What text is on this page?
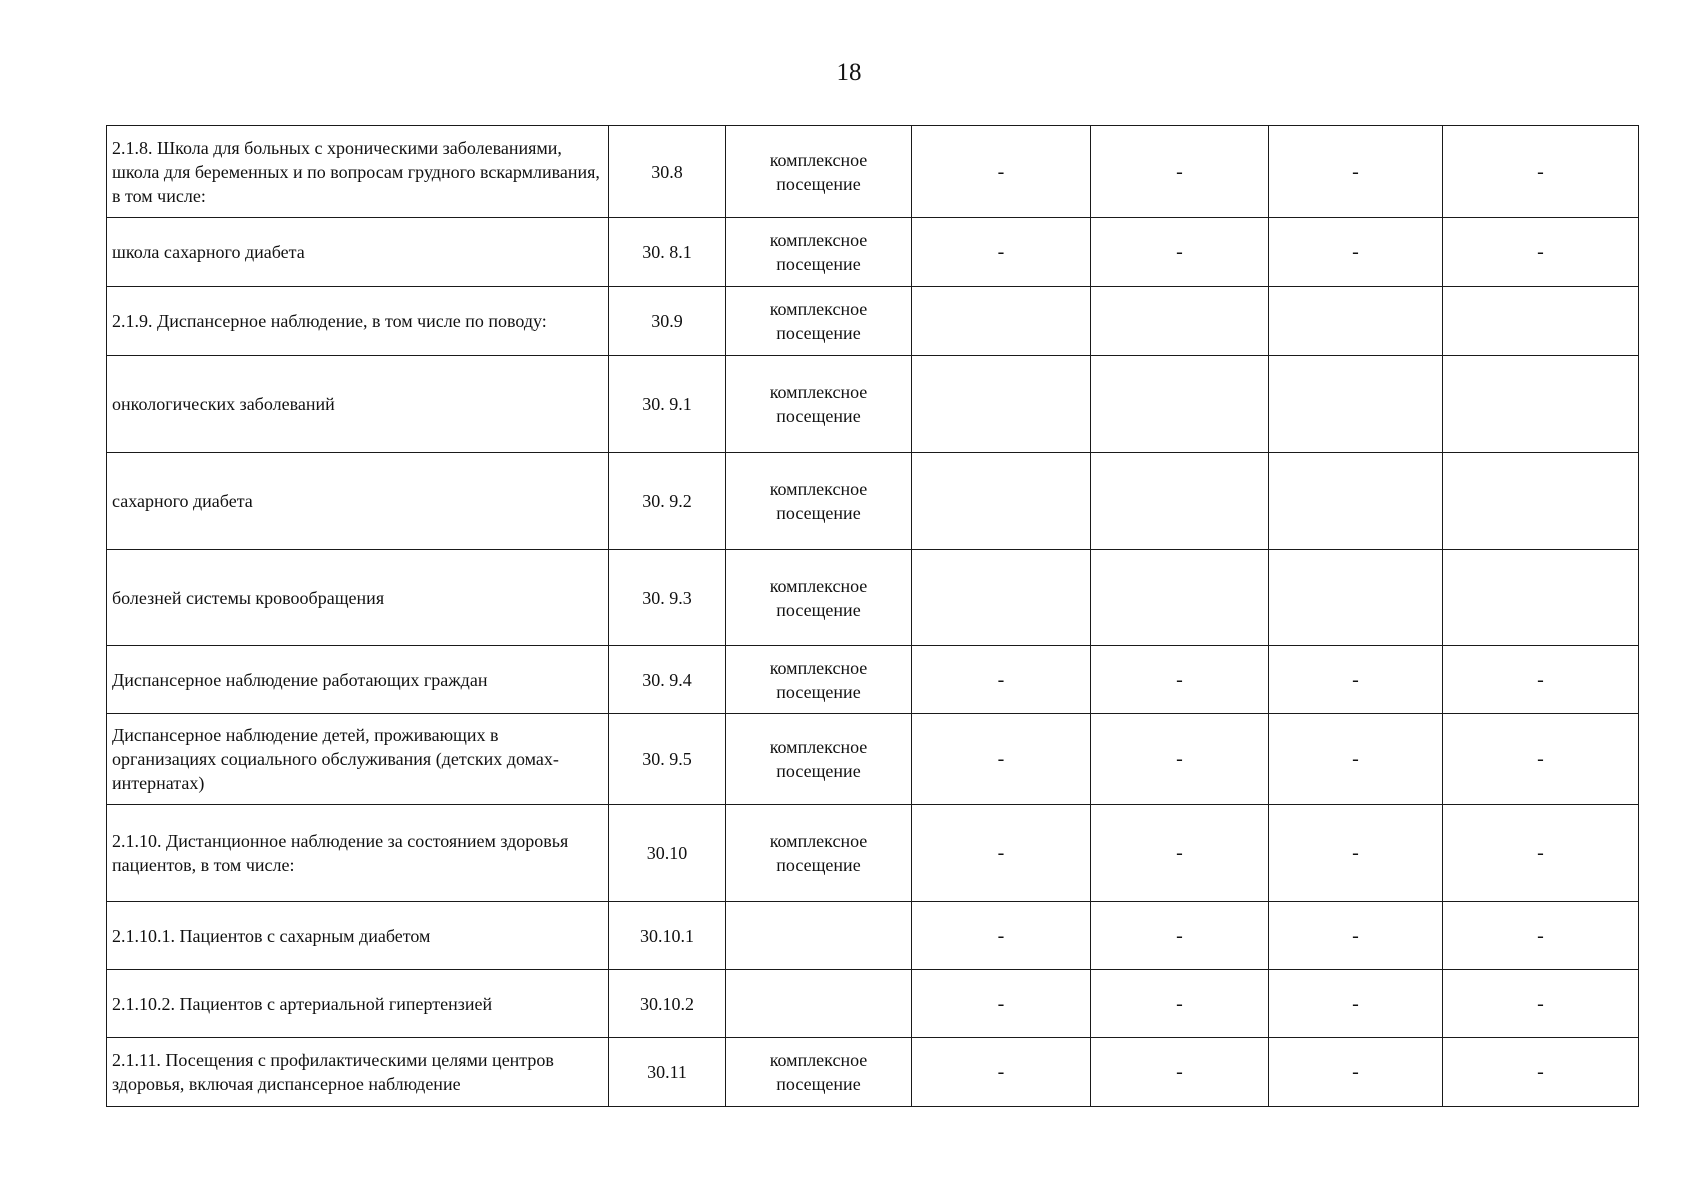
18
2.1.8. Школа для больных с хроническими заболеваниями, школа для беременных и по вопросам грудного вскармливания, в том числе:	30.8	комплексное посещение	-	-	-	-
школа сахарного диабета	30. 8.1	комплексное посещение	-	-	-	-
2.1.9. Диспансерное наблюдение, в том числе по поводу:	30.9	комплексное посещение				
онкологических заболеваний	30. 9.1	комплексное посещение				
сахарного диабета	30. 9.2	комплексное посещение				
болезней системы кровообращения	30. 9.3	комплексное посещение				
Диспансерное наблюдение работающих граждан	30. 9.4	комплексное посещение	-	-	-	-
Диспансерное наблюдение детей, проживающих в организациях социального обслуживания (детских домах- интернатах)	30. 9.5	комплексное посещение	-	-	-	-
2.1.10. Дистанционное наблюдение за состоянием здоровья пациентов, в том числе:	30.10	комплексное посещение	-	-	-	-
2.1.10.1. Пациентов с сахарным диабетом	30.10.1		-	-	-	-
2.1.10.2. Пациентов с артериальной гипертензией	30.10.2		-	-	-	-
2.1.11. Посещения с профилактическими целями центров здоровья, включая диспансерное наблюдение	30.11	комплексное посещение	-	-	-	-
